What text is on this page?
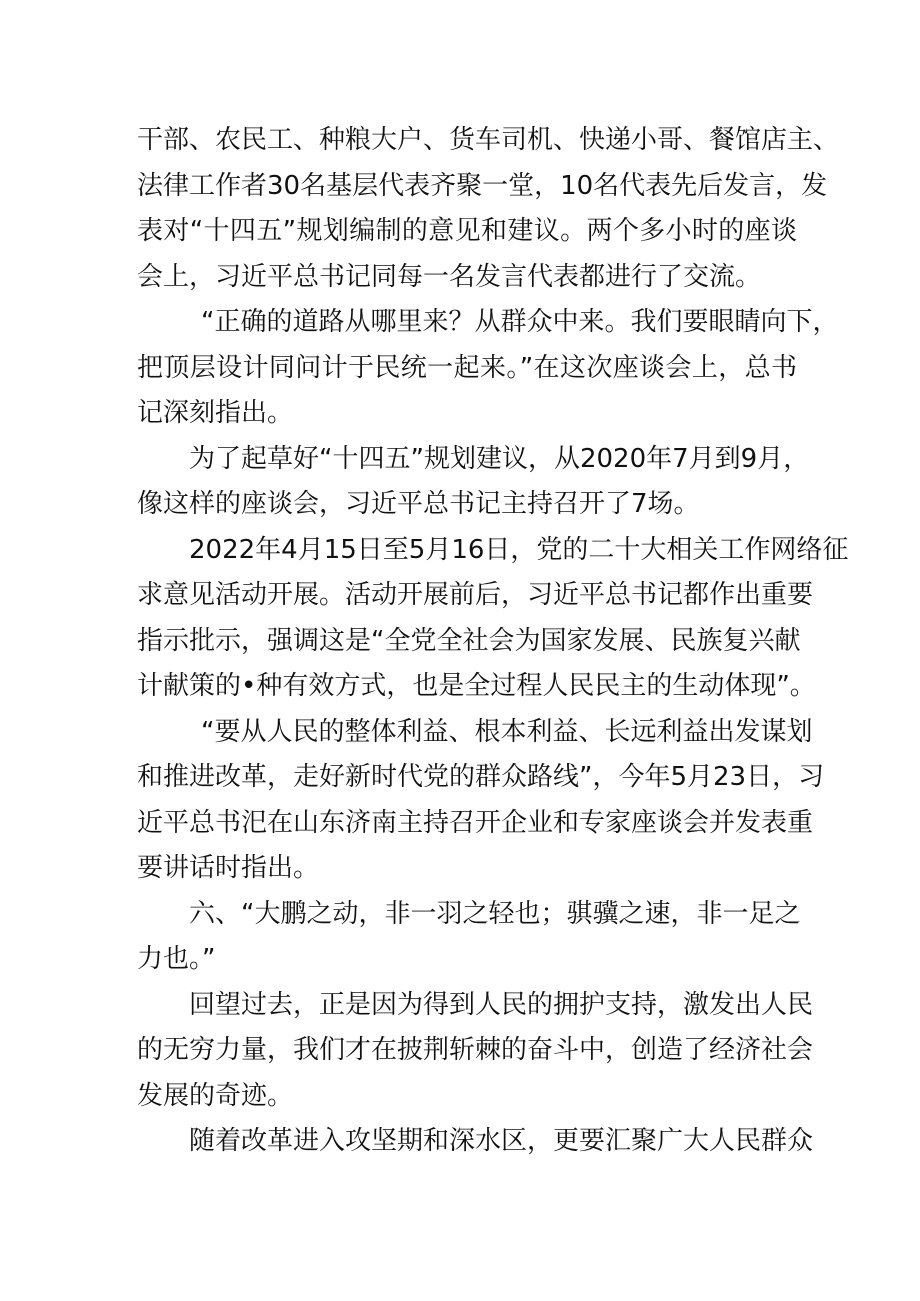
干部、农民工、种粮大户、货车司机、快递小哥、餐馆店主、
法律工作者30名基层代表齐聚一堂，10名代表先后发言，发
表对“十四五”规划编制的意见和建议。两个多小时的座谈
会上，习近平总书记同每一名发言代表都进行了交流。
“正确的道路从哪里来？从群众中来。我们要眼睛向下，
把顶层设计同问计于民统一起来。”在这次座谈会上，总书
记深刻指出。
为了起草好“十四五”规划建议，从2020年7月到9月，
像这样的座谈会，习近平总书记主持召开了7场。
2022年4月15日至5月16日，党的二十大相关工作网络征
求意见活动开展。活动开展前后，习近平总书记都作出重要
指示批示，强调这是“全党全社会为国家发展、民族复兴献
计献策的•种有效方式，也是全过程人民民主的生动体现”。
“要从人民的整体利益、根本利益、长远利益出发谋划
和推进改革，走好新时代党的群众路线”，今年5月23日，习
近平总书汜在山东济南主持召开企业和专家座谈会并发表重
要讲话时指出。
六、“大鹏之动，非一羽之轻也；骐骥之速，非一足之
力也。”
回望过去，正是因为得到人民的拥护支持，激发出人民
的无穷力量，我们才在披荆斩棘的奋斗中，创造了经济社会
发展的奇迹。
随着改革进入攻坚期和深水区，更要汇聚广大人民群众
